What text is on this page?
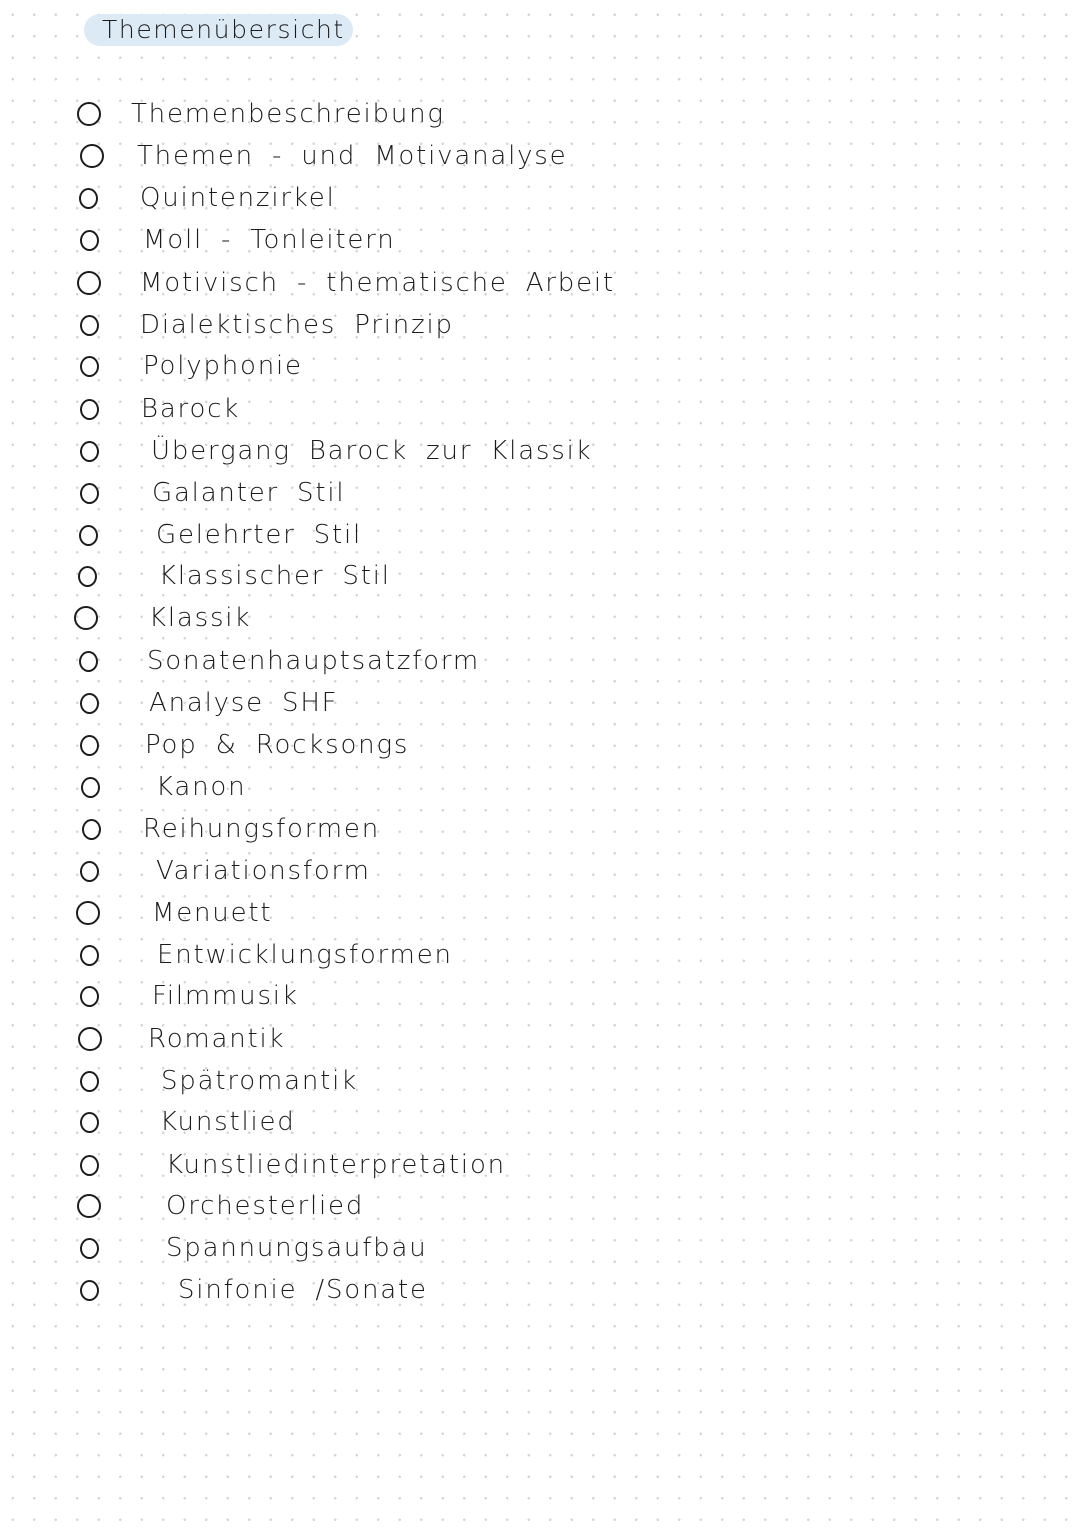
Themenübersicht
Themenbeschreibung
Themen - und Motivanalyse
Quintenzirkel
Moll - Tonleitern
Motivisch - thematische Arbeit
Dialektisches Prinzip
Polyphonie
Barock
Übergang Barock zur Klassik
Galanter Stil
Gelehrter Stil
Klassischer Stil
Klassik
Sonatenhauptsatzform
Analyse SHF
Pop & Rocksongs
Kanon
Reihungsformen
Variationsform
Menuett
Entwicklungsformen
Filmmusik
Romantik
Spätromantik
Kunstlied
Kunstliedinterpretation
Orchesterlied
Spannungsaufbau
Sinfonie /Sonate
